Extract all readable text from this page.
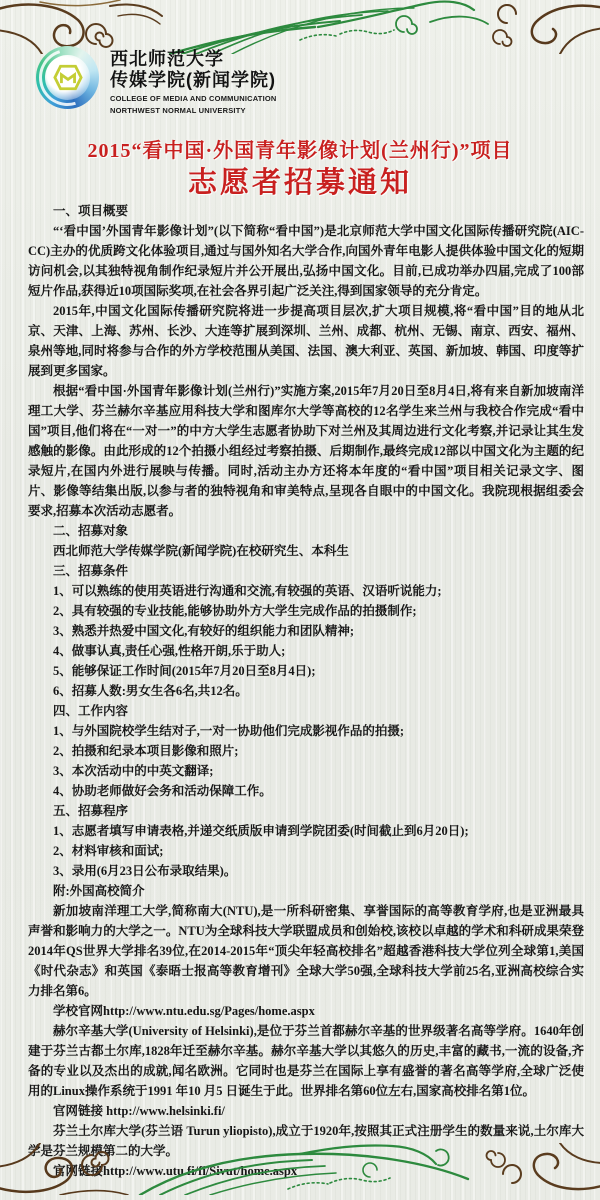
西北师范大学
传媒学院(新闻学院)
COLLEGE OF MEDIA AND COMMUNICATION
NORTHWEST NORMAL UNIVERSITY
2015“看中国·外国青年影像计划(兰州行)”项目
志愿者招募通知

一、项目概要

“‘看中国’外国青年影像计划”(以下简称“看中国”)是北京师范大学中国文化国际传播研究院(AIC-CC)主办的优质跨文化体验项目,通过与国外知名大学合作,向国外青年电影人提供体验中国文化的短期访问机会,以其独特视角制作纪录短片并公开展出,弘扬中国文化。目前,已成功举办四届,完成了100部短片作品,获得近10项国际奖项,在社会各界引起广泛关注,得到国家领导的充分肯定。

2015年,中国文化国际传播研究院将进一步提高项目层次,扩大项目规模,将“看中国”目的地从北京、天津、上海、苏州、长沙、大连等扩展到深圳、兰州、成都、杭州、无锡、南京、西安、福州、泉州等地,同时将参与合作的外方学校范围从美国、法国、澳大利亚、英国、新加坡、韩国、印度等扩展到更多国家。

根据“看中国·外国青年影像计划(兰州行)”实施方案,2015年7月20日至8月4日,将有来自新加坡南洋理工大学、芬兰赫尔辛基应用科技大学和图库尔大学等高校的12名学生来兰州与我校合作完成“看中国”项目,他们将在“一对一”的中方大学生志愿者协助下对兰州及其周边进行文化考察,并记录让其生发感触的影像。由此形成的12个拍摄小组经过考察拍摄、后期制作,最终完成12部以中国文化为主题的纪录短片,在国内外进行展映与传播。同时,活动主办方还将本年度的“看中国”项目相关记录文字、图片、影像等结集出版,以参与者的独特视角和审美特点,呈现各自眼中的中国文化。我院现根据组委会要求,招募本次活动志愿者。

二、招募对象

西北师范大学传媒学院(新闻学院)在校研究生、本科生

三、招募条件

1、可以熟练的使用英语进行沟通和交流,有较强的英语、汉语听说能力;

2、具有较强的专业技能,能够协助外方大学生完成作品的拍摄制作;

3、熟悉并热爱中国文化,有较好的组织能力和团队精神;

4、做事认真,责任心强,性格开朗,乐于助人;

5、能够保证工作时间(2015年7月20日至8月4日);

6、招募人数:男女生各6名,共12名。

四、工作内容

1、与外国院校学生结对子,一对一协助他们完成影视作品的拍摄;

2、拍摄和纪录本项目影像和照片;

3、本次活动中的中英文翻译;

4、协助老师做好会务和活动保障工作。

五、招募程序

1、志愿者填写申请表格,并递交纸质版申请到学院团委(时间截止到6月20日);

2、材料审核和面试;

3、录用(6月23日公布录取结果)。

附:外国高校简介

新加坡南洋理工大学,简称南大(NTU),是一所科研密集、享誉国际的高等教育学府,也是亚洲最具声誉和影响力的大学之一。NTU为全球科技大学联盟成员和创始校,该校以卓越的学术和科研成果荣登2014年QS世界大学排名39位,在2014-2015年“顶尖年轻高校排名”超越香港科技大学位列全球第1,美国《时代杂志》和英国《泰晤士报高等教育增刊》全球大学50强,全球科技大学前25名,亚洲高校综合实力排名第6。

学校官网http://www.ntu.edu.sg/Pages/home.aspx

赫尔辛基大学(University of Helsinki),是位于芬兰首都赫尔辛基的世界级著名高等学府。1640年创建于芬兰古都土尔库,1828年迁至赫尔辛基。赫尔辛基大学以其悠久的历史,丰富的藏书,一流的设备,齐备的专业以及杰出的成就,闻名欧洲。它同时也是芬兰在国际上享有盛誉的著名高等学府,全球广泛使用的Linux操作系统于1991 年10 月5 日诞生于此。世界排名第60位左右,国家高校排名第1位。

官网链接 http://www.helsinki.fi/

芬兰土尔库大学(芬兰语 Turun yliopisto),成立于1920年,按照其正式注册学生的数量来说,土尔库大学是芬兰规模第二的大学。

官网链接http://www.utu.fi/fi/Sivut/home.aspx
